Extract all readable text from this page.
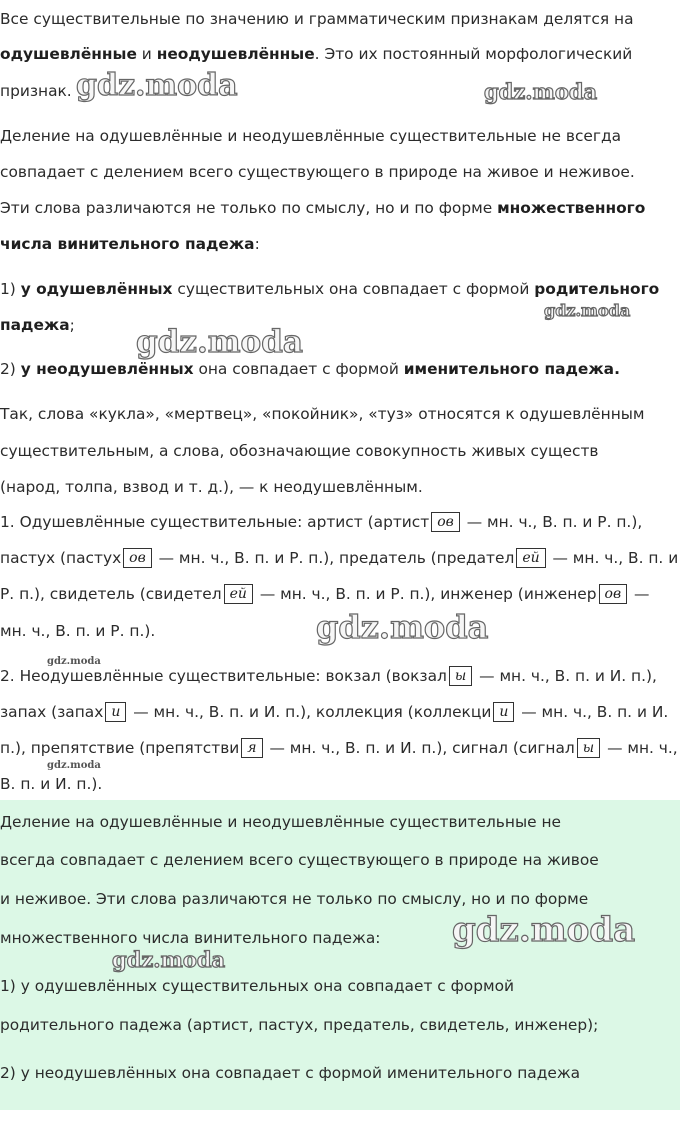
Все существительные по значению и грамматическим признакам делятся на
одушевлённые и неодушевлённые. Это их постоянный морфологический
признак.
Деление на одушевлённые и неодушевлённые существительные не всегда
совпадает с делением всего существующего в природе на живое и неживое.
Эти слова различаются не только по смыслу, но и по форме множественного
числа винительного падежа:
1) у одушевлённых существительных она совпадает с формой родительного
падежа;
2) у неодушевлённых она совпадает с формой именительного падежа.
Так, слова «кукла», «мертвец», «покойник», «туз» относятся к одушевлённым
существительным, а слова, обозначающие совокупность живых существ
(народ, толпа, взвод и т. д.), — к неодушевлённым.
1. Одушевлённые существительные: артист (артист ов — мн. ч., В. п. и Р. п.),
пастух (пастух ов — мн. ч., В. п. и Р. п.), предатель (предател ей — мн. ч., В. п. и
Р. п.), свидетель (свидетел ей — мн. ч., В. п. и Р. п.), инженер (инженер ов —
мн. ч., В. п. и Р. п.).
2. Неодушевлённые существительные: вокзал (вокзал ы — мн. ч., В. п. и И. п.),
запах (запах и — мн. ч., В. п. и И. п.), коллекция (коллекци и — мн. ч., В. п. и И.
п.), препятствие (препятстви я — мн. ч., В. п. и И. п.), сигнал (сигнал ы — мн. ч.,
В. п. и И. п.).
Деление на одушевлённые и неодушевлённые существительные не
всегда совпадает с делением всего существующего в природе на живое
и неживое. Эти слова различаются не только по смыслу, но и по форме
множественного числа винительного падежа:
1) у одушевлённых существительных она совпадает с формой
родительного падежа (артист, пастух, предатель, свидетель, инженер);
2) у неодушевлённых она совпадает с формой именительного падежа
gdz.moda	gdz.moda
gdz.moda
gdz.moda
gdz.moda
gdz.moda
gdz.moda
gdz.moda
gdz.moda
